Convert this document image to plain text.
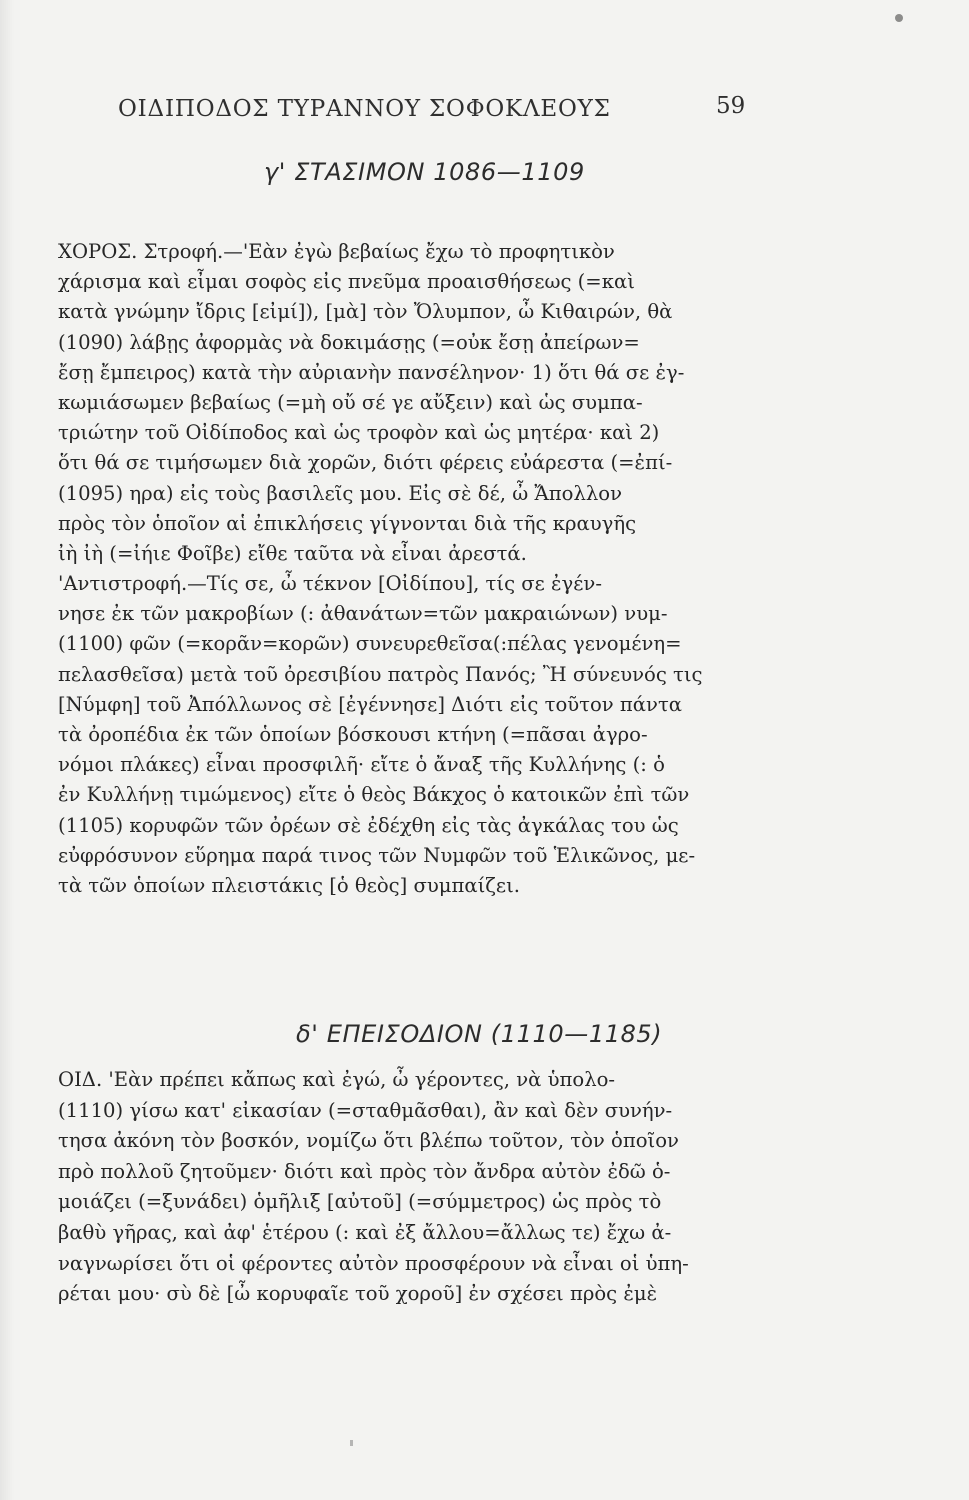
ΟΙΔΙΠΟΔΟΣ ΤΥΡΑΝΝΟΥ ΣΟΦΟΚΛΕΟΥΣ	59
γ' ΣΤΑΣΙΜΟΝ 1086—1109
ΧΟΡΟΣ. Στροφή.—'Εὰν ἐγὼ βεβαίως ἔχω τὸ προφητικὸν
χάρισμα καὶ εἶμαι σοφὸς εἰς πνεῦμα προαισθήσεως (=καὶ
κατὰ γνώμην ἴδρις [εἰμί]), [μὰ] τὸν Ὄλυμπον, ὦ Κιθαιρών, θὰ
(1090) λάβῃς ἀφορμὰς νὰ δοκιμάσῃς (=οὐκ ἔσῃ ἀπείρων=
ἔσῃ ἔμπειρος) κατὰ τὴν αὐριανὴν πανσέληνον· 1) ὅτι θά σε ἐγ-
κωμιάσωμεν βεβαίως (=μὴ οὔ σέ γε αὔξειν) καὶ ὡς συμπα-
τριώτην τοῦ Οἰδίποδος καὶ ὡς τροφὸν καὶ ὡς μητέρα· καὶ 2)
ὅτι θά σε τιμήσωμεν διὰ χορῶν, διότι φέρεις εὐάρεστα (=ἐπί-
(1095) ηρα) εἰς τοὺς βασιλεῖς μου. Εἰς σὲ δέ, ὦ Ἄπολλον
πρὸς τὸν ὁποῖον αἱ ἐπικλήσεις γίγνονται διὰ τῆς κραυγῆς
ἰὴ ἰὴ (=ἰήιε Φοῖβε) εἴθε ταῦτα νὰ εἶναι ἀρεστά.
'Αντιστροφή.—Τίς σε, ὦ τέκνον [Οἰδίπου], τίς σε ἐγέν-
νησε ἐκ τῶν μακροβίων (: ἀθανάτων=τῶν μακραιώνων) νυμ-
(1100) φῶν (=κορᾶν=κορῶν) συνευρεθεῖσα(:πέλας γενομένη=
πελασθεῖσα) μετὰ τοῦ ὀρεσιβίου πατρὸς Πανός; Ἢ σύνευνός τις
[Νύμφη] τοῦ Ἀπόλλωνος σὲ [ἐγέννησε] Διότι εἰς τοῦτον πάντα
τὰ ὀροπέδια ἐκ τῶν ὁποίων βόσκουσι κτήνη (=πᾶσαι ἀγρο-
νόμοι πλάκες) εἶναι προσφιλῆ· εἴτε ὁ ἄναξ τῆς Κυλλήνης (: ὁ
ἐν Κυλλήνῃ τιμώμενος) εἴτε ὁ θεὸς Βάκχος ὁ κατοικῶν ἐπὶ τῶν
(1105) κορυφῶν τῶν ὀρέων σὲ ἐδέχθη εἰς τὰς ἀγκάλας του ὡς
εὐφρόσυνον εὕρημα παρά τινος τῶν Νυμφῶν τοῦ Ἑλικῶνος, με-
τὰ τῶν ὁποίων πλειστάκις [ὁ θεὸς] συμπαίζει.
δ' ΕΠΕΙΣΟΔΙΟΝ (1110—1185)
ΟΙΔ. 'Εὰν πρέπει κἄπως καὶ ἐγώ, ὦ γέροντες, νὰ ὑπολο-
(1110) γίσω κατ' εἰκασίαν (=σταθμᾶσθαι), ἂν καὶ δὲν συνήν-
τησα ἀκόνη τὸν βοσκόν, νομίζω ὅτι βλέπω τοῦτον, τὸν ὁποῖον
πρὸ πολλοῦ ζητοῦμεν· διότι καὶ πρὸς τὸν ἄνδρα αὐτὸν ἐδῶ ὁ-
μοιάζει (=ξυνάδει) ὁμῆλιξ [αὐτοῦ] (=σύμμετρος) ὡς πρὸς τὸ
βαθὺ γῆρας, καὶ ἀφ' ἑτέρου (: καὶ ἐξ ἄλλου=ἄλλως τε) ἔχω ἀ-
ναγνωρίσει ὅτι οἱ φέροντες αὐτὸν προσφέρουν νὰ εἶναι οἱ ὑπη-
ρέται μου· σὺ δὲ [ὦ κορυφαῖε τοῦ χοροῦ] ἐν σχέσει πρὸς ἐμὲ
